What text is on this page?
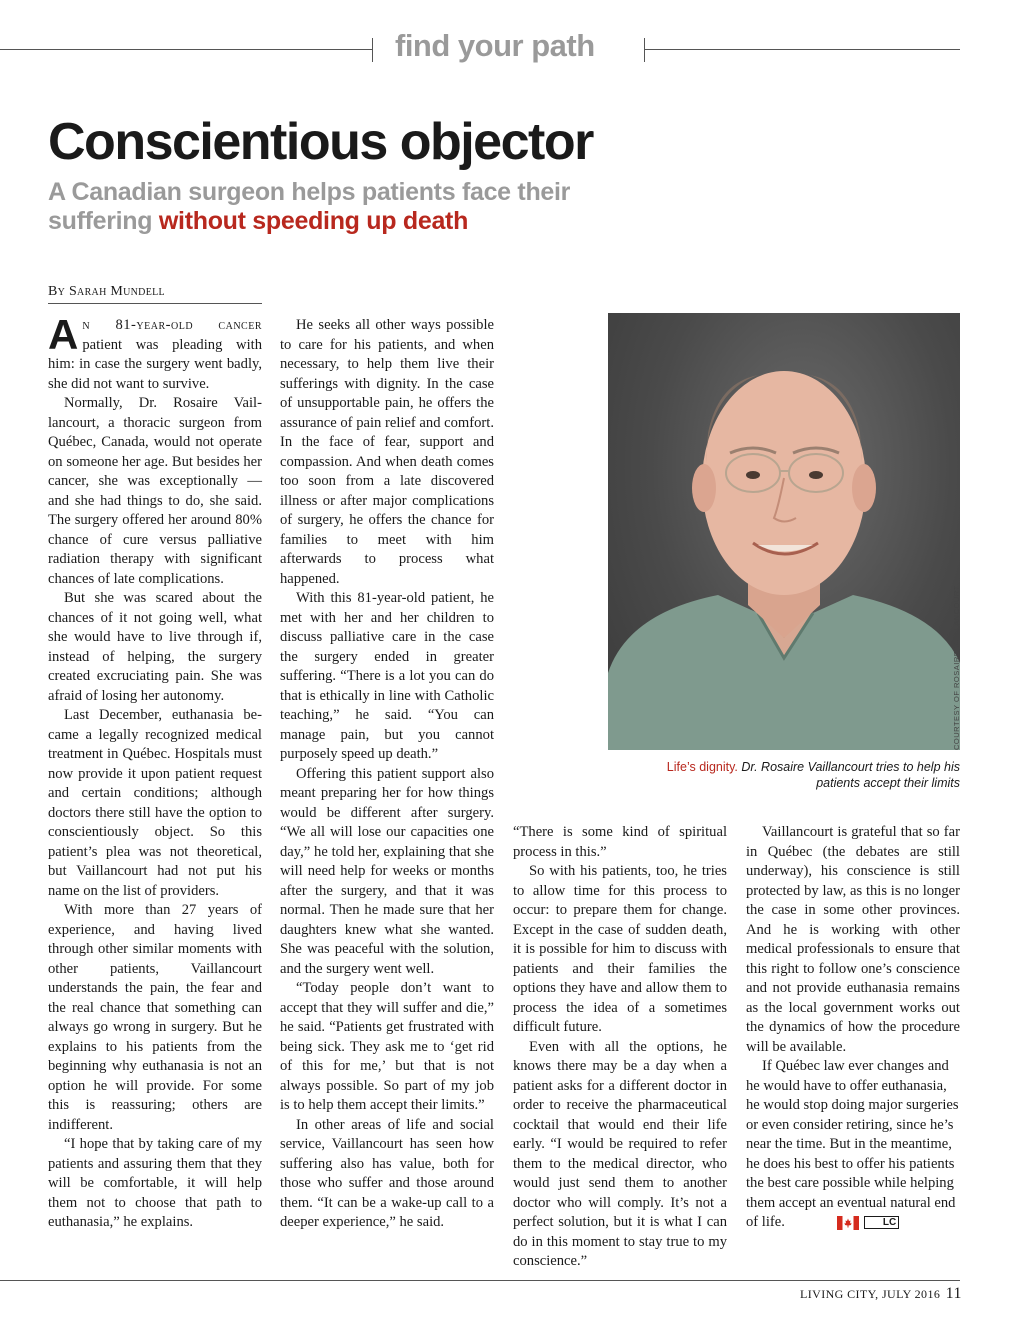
find your path
Conscientious objector
A Canadian surgeon helps patients face their suffering without speeding up death
By Sarah Mundell

An 81-year-old cancer patient was pleading with him: in case the surgery went badly, she did not want to survive.

Normally, Dr. Rosaire Vaillancourt, a thoracic surgeon from Québec, Canada, would not operate on someone her age. But besides her cancer, she was exceptionally — and she had things to do, she said. The surgery offered her around 80% chance of cure versus palliative radiation therapy with significant chances of late complications.

But she was scared about the chances of it not going well, what she would have to live through if, instead of helping, the surgery created excruciating pain. She was afraid of losing her autonomy.

Last December, euthanasia became a legally recognized medical treatment in Québec. Hospitals must now provide it upon patient request and certain conditions; although doctors there still have the option to conscientiously object. So this patient’s plea was not theoretical, but Vaillancourt had not put his name on the list of providers.

With more than 27 years of experience, and having lived through other similar moments with other patients, Vaillancourt understands the pain, the fear and the real chance that something can always go wrong in surgery. But he explains to his patients from the beginning why euthanasia is not an option he will provide. For some this is reassuring; others are indifferent.

“I hope that by taking care of my patients and assuring them that they will be comfortable, it will help them not to choose that path to euthanasia,” he explains.

He seeks all other ways possible to care for his patients, and when necessary, to help them live their sufferings with dignity. In the case of unsupportable pain, he offers the assurance of pain relief and comfort. In the face of fear, support and compassion. And when death comes too soon from a late discovered illness or after major complications of surgery, he offers the chance for families to meet with him afterwards to process what happened.

With this 81-year-old patient, he met with her and her children to discuss palliative care in the case the surgery ended in greater suffering. “There is a lot you can do that is ethically in line with Catholic teaching,” he said. “You can manage pain, but you cannot purposely speed up death.”

Offering this patient support also meant preparing her for how things would be different after surgery. “We all will lose our capacities one day,” he told her, explaining that she will need help for weeks or months after the surgery, and that it was normal. Then he made sure that her daughters knew what she wanted. She was peaceful with the solution, and the surgery went well.

“Today people don’t want to accept that they will suffer and die,” he said. “Patients get frustrated with being sick. They ask me to ‘get rid of this for me,’ but that is not always possible. So part of my job is to help them accept their limits.”

In other areas of life and social service, Vaillancourt has seen how suffering also has value, both for those who suffer and those around them. “It can be a wake-up call to a deeper experience,” he said.

COURTESY OF ROSAIRE VAILLANCOURT
Life’s dignity. Dr. Rosaire Vaillancourt tries to help his patients accept their limits

“There is some kind of spiritual process in this.”

So with his patients, too, he tries to allow time for this process to occur: to prepare them for change. Except in the case of sudden death, it is possible for him to discuss with patients and their families the options they have and allow them to process the idea of a sometimes difficult future.

Even with all the options, he knows there may be a day when a patient asks for a different doctor in order to receive the pharmaceutical cocktail that would end their life early. “I would be required to refer them to the medical director, who would just send them to another doctor who will comply. It’s not a perfect solution, but it is what I can do in this moment to stay true to my conscience.”

Vaillancourt is grateful that so far in Québec (the debates are still underway), his conscience is still protected by law, as this is no longer the case in some other provinces. And he is working with other medical professionals to ensure that this right to follow one’s conscience and not provide euthanasia remains as the local government works out the dynamics of how the procedure will be available.

If Québec law ever changes and he would have to offer euthanasia, he would stop doing major surgeries or even consider retiring, since he’s near the time. But in the meantime, he does his best to offer his patients the best care possible while helping them accept an eventual natural end of life.	LC

LIVING CITY, JULY 2016 11
